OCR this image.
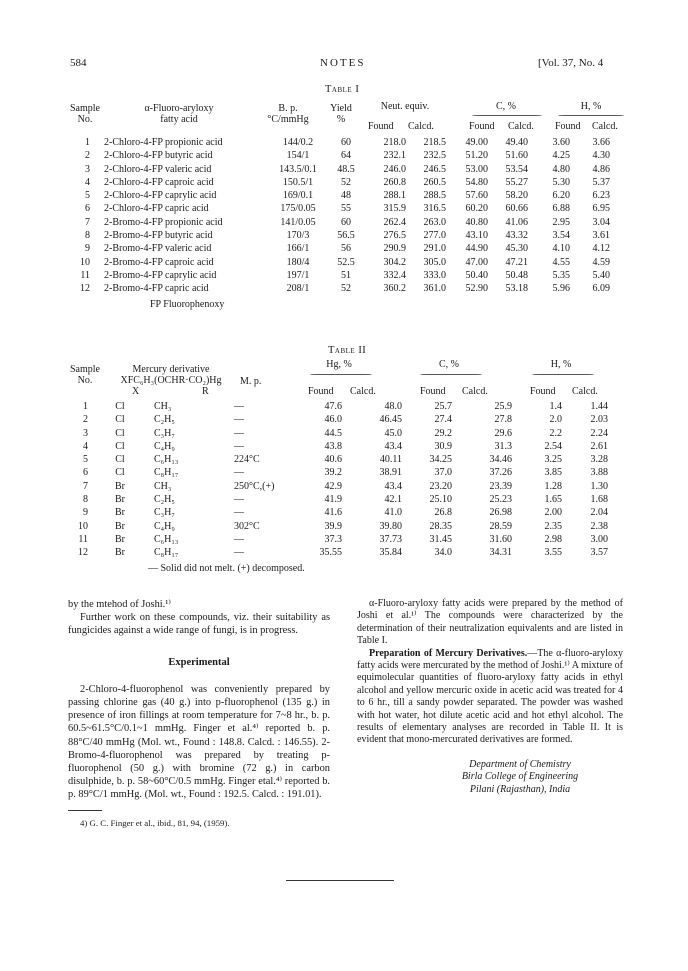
584	NOTES	[Vol. 37, No. 4
Table I
Sample
No.
α-Fluoro-aryloxy
fatty acid
B. p.
°C/mmHg
Yield
%
Neut. equiv.	C, %	H, %
Found Calcd.	Found Calcd. Found Calcd.
1	2-Chloro-4-FP propionic acid	144/0.2	60	218.0	218.5	49.00	49.40	3.60	3.66
2	2-Chloro-4-FP butyric acid	154/1	64	232.1	232.5	51.20	51.60	4.25	4.30
3	2-Chloro-4-FP valeric acid	143.5/0.1	48.5	246.0	246.5	53.00	53.54	4.80	4.86
4	2-Chloro-4-FP caproic acid	150.5/1	52	260.8	260.5	54.80	55.27	5.30	5.37
5	2-Chloro-4-FP caprylic acid	169/0.1	48	288.1	288.5	57.60	58.20	6.20	6.23
6	2-Chloro-4-FP capric acid	175/0.05	55	315.9	316.5	60.20	60.66	6.88	6.95
7	2-Bromo-4-FP propionic acid	141/0.05	60	262.4	263.0	40.80	41.06	2.95	3.04
8	2-Bromo-4-FP butyric acid	170/3	56.5	276.5	277.0	43.10	43.32	3.54	3.61
9	2-Bromo-4-FP valeric acid	166/1	56	290.9	291.0	44.90	45.30	4.10	4.12
10	2-Bromo-4-FP caproic acid	180/4	52.5	304.2	305.0	47.00	47.21	4.55	4.59
11	2-Bromo-4-FP caprylic acid	197/1	51	332.4	333.0	50.40	50.48	5.35	5.40
12	2-Bromo-4-FP capric acid	208/1	52	360.2	361.0	52.90	53.18	5.96	6.09
FP Fluorophenoxy
Table II
Sample
No.
Mercury derivative
XFC₆H₃(OCHR·CO₂)Hg	M. p.
X	R
Hg, %	C, %	H, %
Found Calcd.	Found Calcd.	Found Calcd.
1	Cl	CH₃	—	47.6	48.0	25.7	25.9	1.4	1.44
2	Cl	C₂H₅	—	46.0	46.45	27.4	27.8	2.0	2.03
3	Cl	C₃H₇	—	44.5	45.0	29.2	29.6	2.2	2.24
4	Cl	C₄H₉	—	43.8	43.4	30.9	31.3	2.54	2.61
5	Cl	C₆H₁₃	224°C	40.6	40.11	34.25	34.46	3.25	3.28
6	Cl	C₈H₁₇	—	39.2	38.91	37.0	37.26	3.85	3.88
7	Br	CH₃	250°C,(+)	42.9	43.4	23.20	23.39	1.28	1.30
8	Br	C₂H₅	—	41.9	42.1	25.10	25.23	1.65	1.68
9	Br	C₃H₇	—	41.6	41.0	26.8	26.98	2.00	2.04
10	Br	C₄H₉	302°C	39.9	39.80	28.35	28.59	2.35	2.38
11	Br	C₆H₁₃	—	37.3	37.73	31.45	31.60	2.98	3.00
12	Br	C₈H₁₇	—	35.55	35.84	34.0	34.31	3.55	3.57
— Solid did not melt. (+) decomposed.

by the mtehod of Joshi.¹⁾

Further work on these compounds, viz. their suitability as fungicides against a wide range of fungi, is in progress.

Experimental

2-Chloro-4-fluorophenol was conveniently prepared by passing chlorine gas (40 g.) into p-fluorophenol (135 g.) in presence of iron fillings at room temperature for 7~8 hr., b. p. 60.5~61.5°C/0.1~1 mmHg. Finger et al.⁴⁾ reported b. p. 88°C/40 mmHg (Mol. wt., Found : 148.8. Calcd. : 146.55). 2-Bromo-4-fluorophenol was prepared by treating p-fluorophenol (50 g.) with bromine (72 g.) in carbon disulphide, b. p. 58~60°C/0.5 mmHg. Finger etal.⁴⁾ reported b. p. 89°C/1 mmHg. (Mol. wt., Found : 192.5. Calcd. : 191.01).

4) G. C. Finger et al., ibid., 81, 94, (1959).

α-Fluoro-aryloxy fatty acids were prepared by the method of Joshi et al.¹⁾ The compounds were characterized by the determination of their neutralization equivalents and are listed in Table I.

Preparation of Mercury Derivatives.—The α-fluoro-aryloxy fatty acids were mercurated by the method of Joshi.¹⁾ A mixture of equimolecular quantities of fluoro-aryloxy fatty acids in ethyl alcohol and yellow mercuric oxide in acetic acid was treated for 4 to 6 hr., till a sandy powder separated. The powder was washed with hot water, hot dilute acetic acid and hot ethyl alcohol. The results of elementary analyses are recorded in Table II. It is evident that mono-mercurated derivatives are formed.

Department of Chemistry
Birla College of Engineering
Pilani (Rajasthan), India
